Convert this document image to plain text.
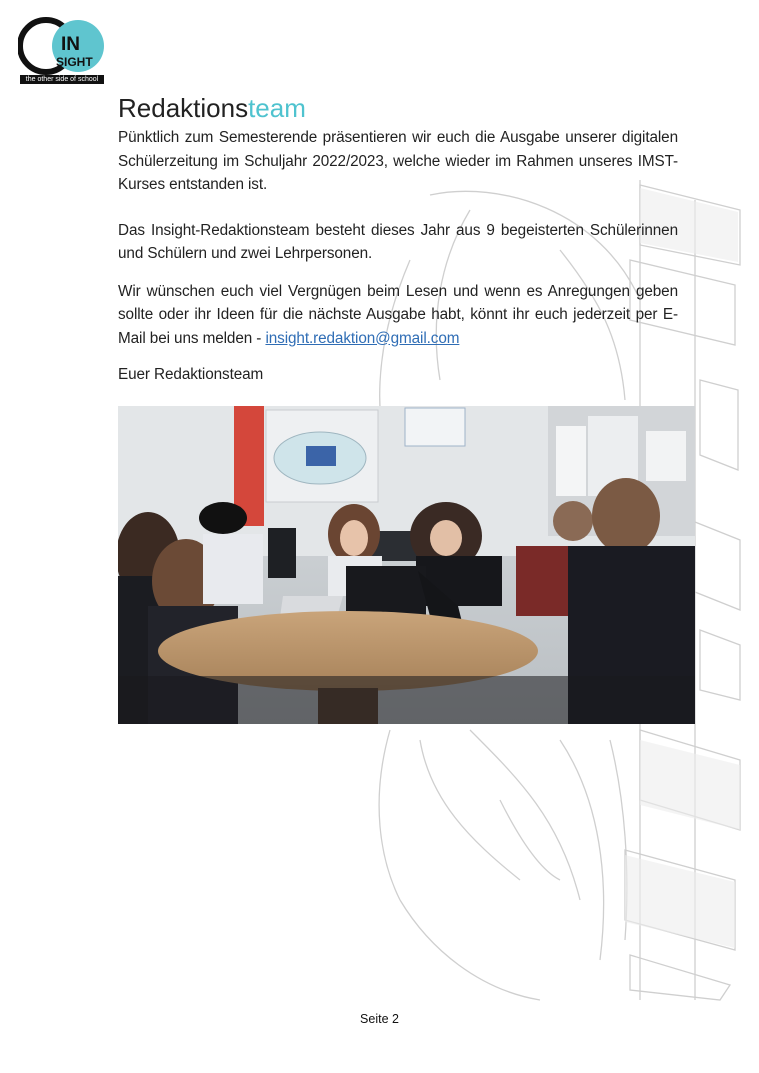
IN
SIGHT
the other side of school
Redaktionsteam

Pünktlich zum Semesterende präsentieren wir euch die Ausgabe unserer digitalen Schülerzeitung im Schuljahr 2022/2023, welche wieder im Rahmen unseres IMST-Kurses entstanden ist.

Das Insight-Redaktionsteam besteht dieses Jahr aus 9 begeisterten Schülerinnen und Schülern und zwei Lehrpersonen.

Wir wünschen euch viel Vergnügen beim Lesen und wenn es Anregungen geben sollte oder ihr Ideen für die nächste Ausgabe habt, könnt ihr euch jederzeit per E-Mail bei uns melden - insight.redaktion@gmail.com

Euer Redaktionsteam

Seite 2
